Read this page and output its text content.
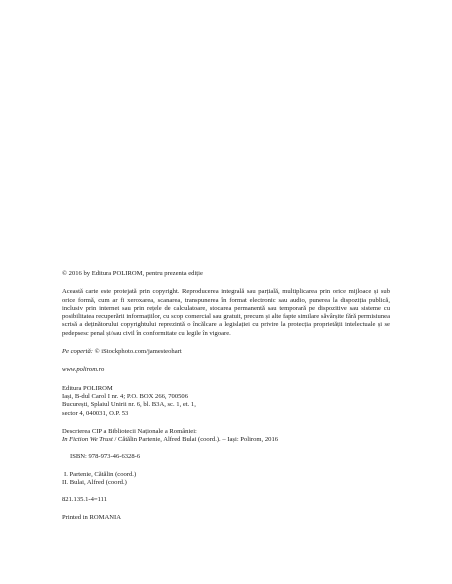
© 2016 by Editura POLIROM, pentru prezenta ediție

Această carte este protejată prin copyright. Reproducerea integrală sau parțială, multiplicarea prin orice mijloace și sub orice formă, cum ar fi xeroxarea, scanarea, transpunerea în format electronic sau audio, punerea la dispoziția publică, inclusiv prin internet sau prin rețele de calculatoare, stocarea permanentă sau temporară pe dispozitive sau sisteme cu posibilitatea recuperării informațiilor, cu scop comercial sau gratuit, precum și alte fapte similare săvârșite fără permisiunea scrisă a deținătorului copyrightului reprezintă o încălcare a legislației cu privire la protecția proprietății intelectuale și se pedepsesc penal și/sau civil în conformitate cu legile în vigoare.

Pe copertă: © iStockphoto.com/jamesteohart

www.polirom.ro

Editura POLIROM

Iași, B-dul Carol I nr. 4; P.O. BOX 266, 700506

București, Splaiul Unirii nr. 6, bl. B3A, sc. 1, et. 1,

sector 4, 040031, O.P. 53

Descrierea CIP a Bibliotecii Naționale a României:

In Fiction We Trust / Cătălin Partenie, Alfred Bulai (coord.). – Iași: Polirom, 2016

ISBN: 978-973-46-6328-6

I. Partenie, Cătălin (coord.)

II. Bulai, Alfred (coord.)

821.135.1-4=111

Printed in ROMANIA
